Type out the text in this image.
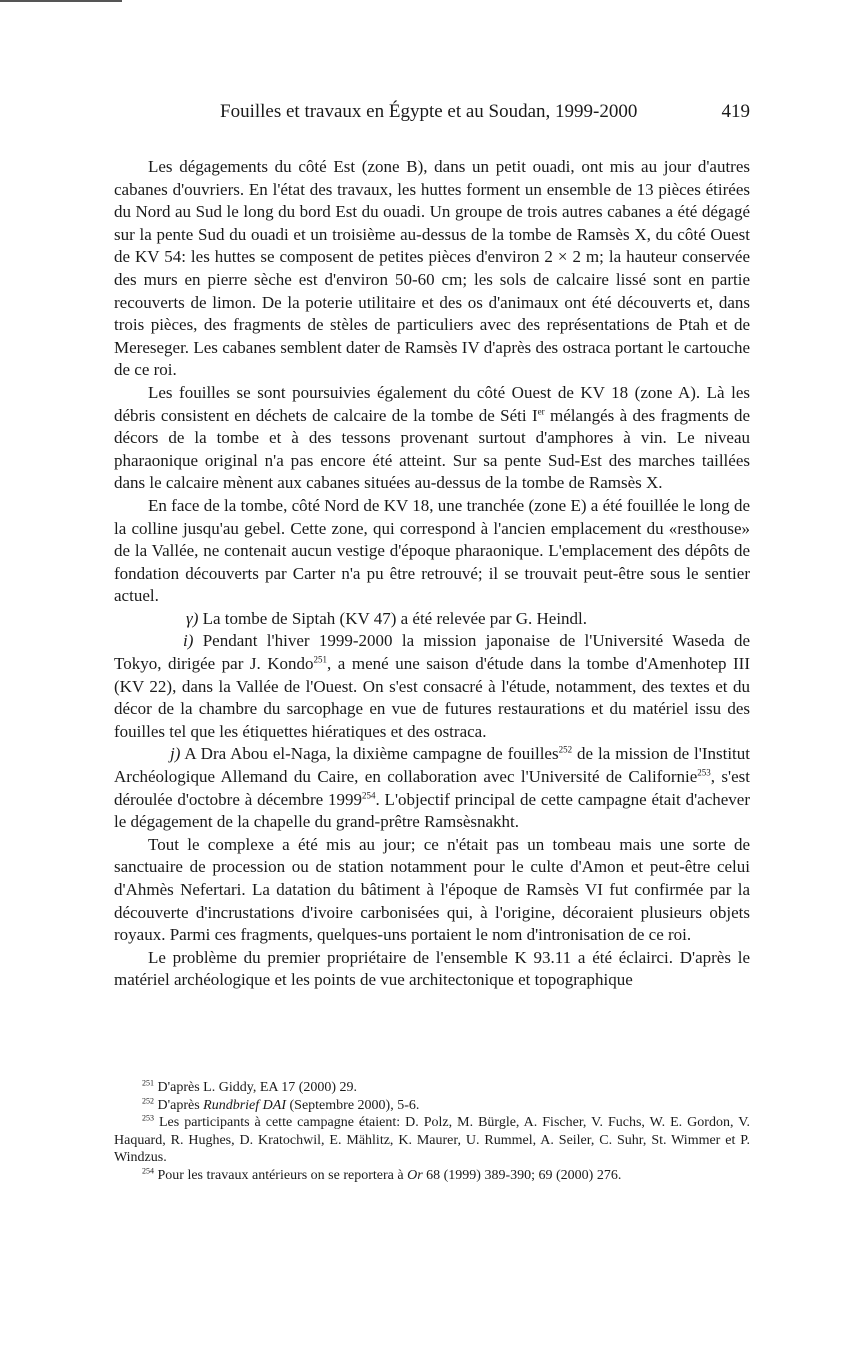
Fouilles et travaux en Égypte et au Soudan, 1999-2000	419

Les dégagements du côté Est (zone B), dans un petit ouadi, ont mis au jour d'autres cabanes d'ouvriers. En l'état des travaux, les huttes forment un ensemble de 13 pièces étirées du Nord au Sud le long du bord Est du ouadi. Un groupe de trois autres cabanes a été dégagé sur la pente Sud du ouadi et un troisième au-dessus de la tombe de Ramsès X, du côté Ouest de KV 54: les huttes se composent de petites pièces d'environ 2 × 2 m; la hauteur conservée des murs en pierre sèche est d'environ 50-60 cm; les sols de calcaire lissé sont en partie recouverts de limon. De la poterie utilitaire et des os d'animaux ont été découverts et, dans trois pièces, des fragments de stèles de particuliers avec des représentations de Ptah et de Mereseger. Les cabanes semblent dater de Ramsès IV d'après des ostraca portant le cartouche de ce roi.

Les fouilles se sont poursuivies également du côté Ouest de KV 18 (zone A). Là les débris consistent en déchets de calcaire de la tombe de Séti Ier mélangés à des fragments de décors de la tombe et à des tessons provenant surtout d'amphores à vin. Le niveau pharaonique original n'a pas encore été atteint. Sur sa pente Sud-Est des marches taillées dans le calcaire mènent aux cabanes situées au-dessus de la tombe de Ramsès X.

En face de la tombe, côté Nord de KV 18, une tranchée (zone E) a été fouillée le long de la colline jusqu'au gebel. Cette zone, qui correspond à l'ancien emplacement du «resthouse» de la Vallée, ne contenait aucun vestige d'époque pharaonique. L'emplacement des dépôts de fondation découverts par Carter n'a pu être retrouvé; il se trouvait peut-être sous le sentier actuel.

γ) La tombe de Siptah (KV 47) a été relevée par G. Heindl.

i) Pendant l'hiver 1999-2000 la mission japonaise de l'Université Waseda de Tokyo, dirigée par J. Kondo$^{251}$, a mené une saison d'étude dans la tombe d'Amenhotep III (KV 22), dans la Vallée de l'Ouest. On s'est consacré à l'étude, notamment, des textes et du décor de la chambre du sarcophage en vue de futures restaurations et du matériel issu des fouilles tel que les étiquettes hiératiques et des ostraca.

j) A Dra Abou el-Naga, la dixième campagne de fouilles$^{252}$ de la mission de l'Institut Archéologique Allemand du Caire, en collaboration avec l'Université de Californie$^{253}$, s'est déroulée d'octobre à décembre 1999$^{254}$. L'objectif principal de cette campagne était d'achever le dégagement de la chapelle du grand-prêtre Ramsèsnakht.

Tout le complexe a été mis au jour; ce n'était pas un tombeau mais une sorte de sanctuaire de procession ou de station notamment pour le culte d'Amon et peut-être celui d'Ahmès Nefertari. La datation du bâtiment à l'époque de Ramsès VI fut confirmée par la découverte d'incrustations d'ivoire carbonisées qui, à l'origine, décoraient plusieurs objets royaux. Parmi ces fragments, quelques-uns portaient le nom d'intronisation de ce roi.

Le problème du premier propriétaire de l'ensemble K 93.11 a été éclairci. D'après le matériel archéologique et les points de vue architectonique et topographique

$^{251}$ D'après L. Giddy, EA 17 (2000) 29.

$^{252}$ D'après Rundbrief DAI (Septembre 2000), 5-6.

$^{253}$ Les participants à cette campagne étaient: D. Polz, M. Bürgle, A. Fischer, V. Fuchs, W. E. Gordon, V. Haquard, R. Hughes, D. Kratochwil, E. Mählitz, K. Maurer, U. Rummel, A. Seiler, C. Suhr, St. Wimmer et P. Windzus.

$^{254}$ Pour les travaux antérieurs on se reportera à Or 68 (1999) 389-390; 69 (2000) 276.
